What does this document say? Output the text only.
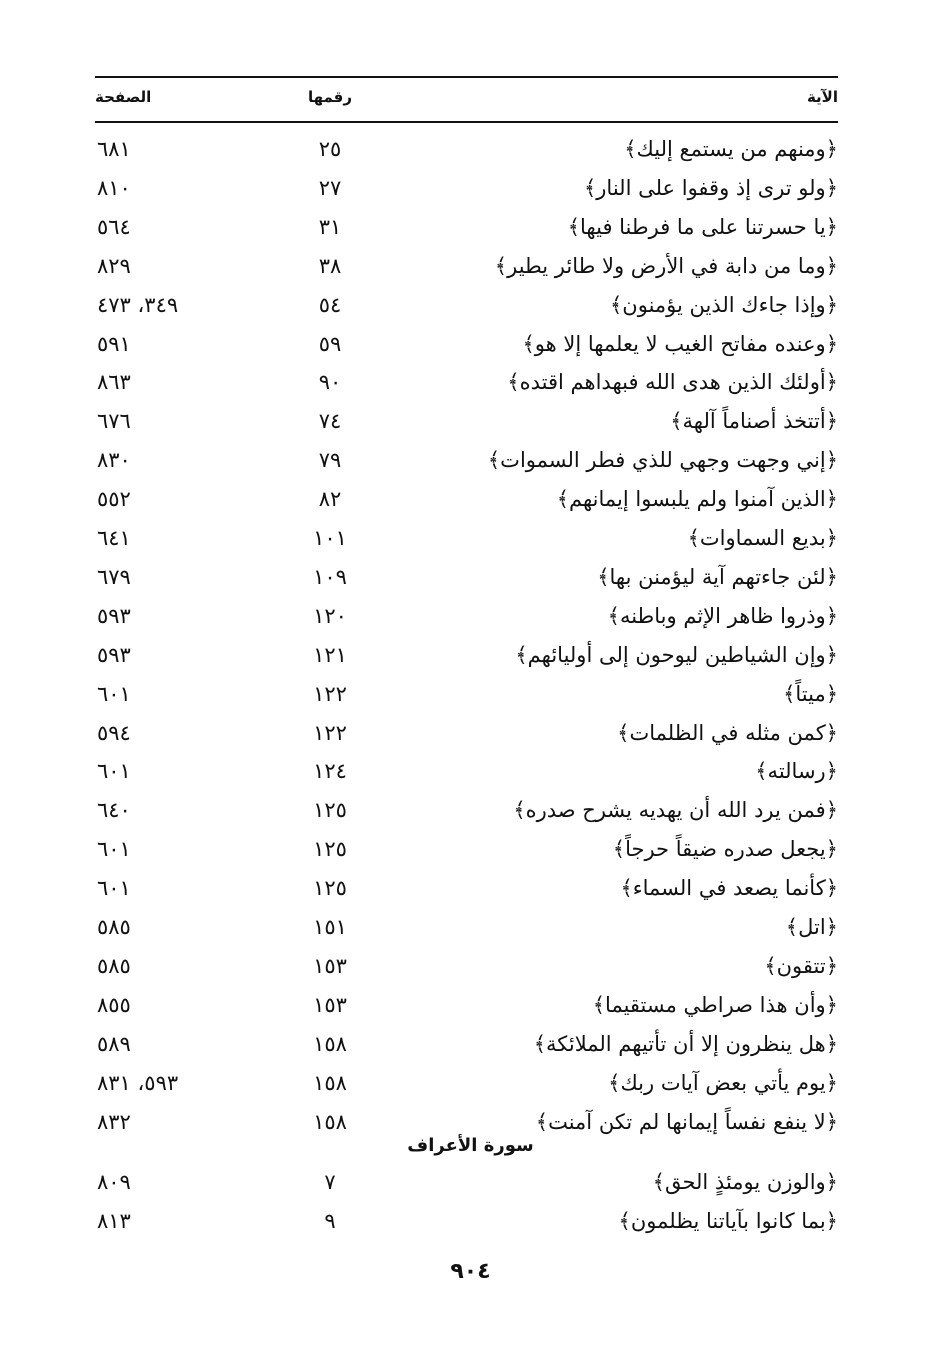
الآية
رقمها
الصفحة
﴿ومنهم من يستمع إليك﴾
٢٥
٦٨١
﴿ولو ترى إذ وقفوا على النار﴾
٢٧
٨١٠
﴿يا حسرتنا على ما فرطنا فيها﴾
٣١
٥٦٤
﴿وما من دابة في الأرض ولا طائر يطير﴾
٣٨
٨٢٩
﴿وإذا جاءك الذين يؤمنون﴾
٥٤
٣٤٩، ٤٧٣
﴿وعنده مفاتح الغيب لا يعلمها إلا هو﴾
٥٩
٥٩١
﴿أولئك الذين هدى الله فبهداهم اقتده﴾
٩٠
٨٦٣
﴿أتتخذ أصناماً آلهة﴾
٧٤
٦٧٦
﴿إني وجهت وجهي للذي فطر السموات﴾
٧٩
٨٣٠
﴿الذين آمنوا ولم يلبسوا إيمانهم﴾
٨٢
٥٥٢
﴿بديع السماوات﴾
١٠١
٦٤١
﴿لئن جاءتهم آية ليؤمنن بها﴾
١٠٩
٦٧٩
﴿وذروا ظاهر الإثم وباطنه﴾
١٢٠
٥٩٣
﴿وإن الشياطين ليوحون إلى أوليائهم﴾
١٢١
٥٩٣
﴿ميتاً﴾
١٢٢
٦٠١
﴿كمن مثله في الظلمات﴾
١٢٢
٥٩٤
﴿رسالته﴾
١٢٤
٦٠١
﴿فمن يرد الله أن يهديه يشرح صدره﴾
١٢٥
٦٤٠
﴿يجعل صدره ضيقاً حرجاً﴾
١٢٥
٦٠١
﴿كأنما يصعد في السماء﴾
١٢٥
٦٠١
﴿اتل﴾
١٥١
٥٨٥
﴿تتقون﴾
١٥٣
٥٨٥
﴿وأن هذا صراطي مستقيما﴾
١٥٣
٨٥٥
﴿هل ينظرون إلا أن تأتيهم الملائكة﴾
١٥٨
٥٨٩
﴿يوم يأتي بعض آيات ربك﴾
١٥٨
٥٩٣، ٨٣١
﴿لا ينفع نفساً إيمانها لم تكن آمنت﴾
١٥٨
٨٣٢
سورة الأعراف
﴿والوزن يومئذٍ الحق﴾
٧
٨٠٩
﴿بما كانوا بآياتنا يظلمون﴾
٩
٨١٣
٩٠٤
